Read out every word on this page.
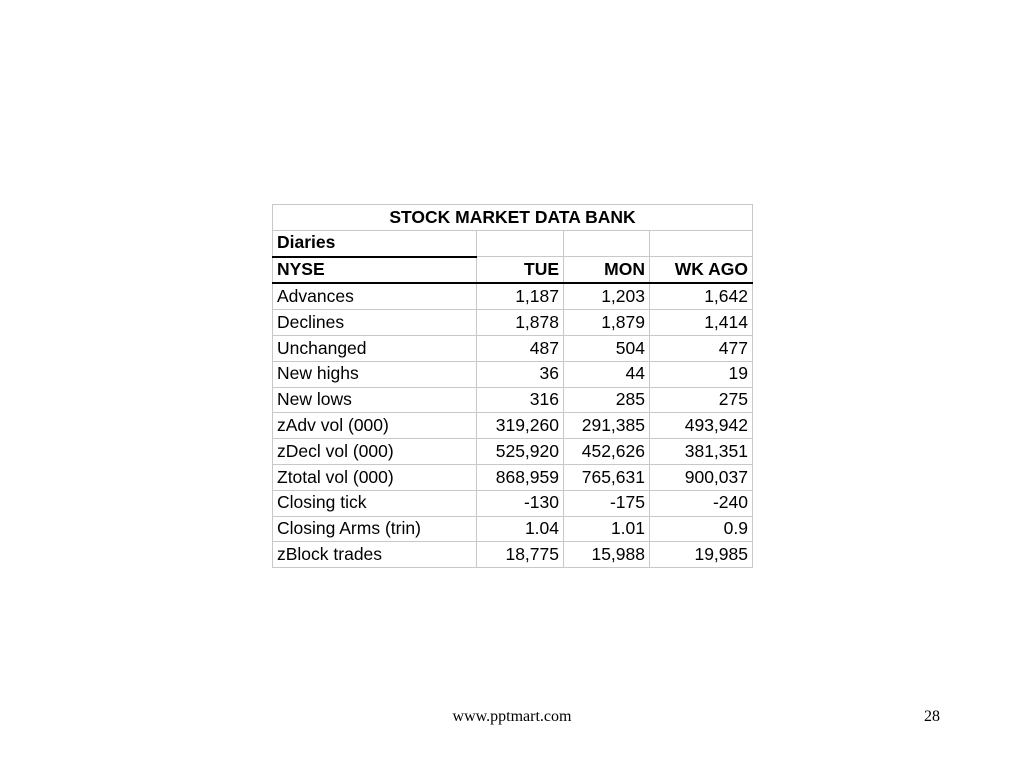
STOCK MARKET DATA BANK			
Diaries			
NYSE	TUE	MON	WK AGO
Advances	1,187	1,203	1,642
Declines	1,878	1,879	1,414
Unchanged	487	504	477
New highs	36	44	19
New lows	316	285	275
zAdv vol (000)	319,260	291,385	493,942
zDecl vol (000)	525,920	452,626	381,351
Ztotal vol (000)	868,959	765,631	900,037
Closing tick	-130	-175	-240
Closing Arms (trin)	1.04	1.01	0.9
zBlock trades	18,775	15,988	19,985
www.pptmart.com	28
